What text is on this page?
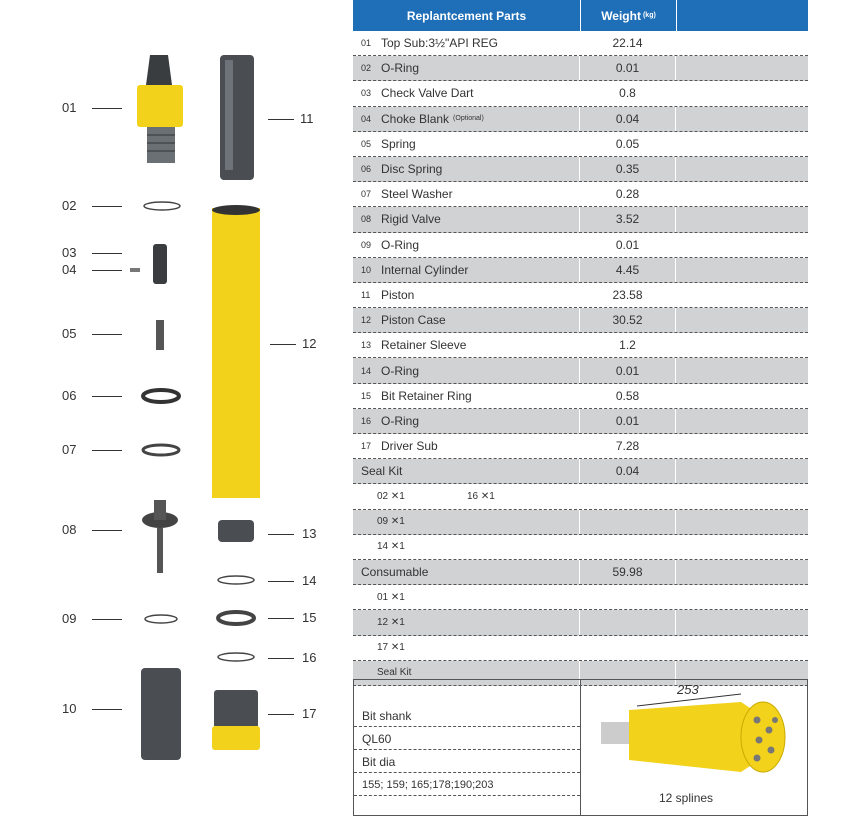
01
02
03
04
05
06
07
08
09
10
11
12
13
14
15
16
17
Replantcement Parts	Weight (kg)
01 Top Sub:3½"API REG	22.14
02 O-Ring	0.01
03 Check Valve Dart	0.8
04 Choke Blank (Optional)	0.04
05 Spring	0.05
06 Disc Spring	0.35
07 Steel Washer	0.28
08 Rigid Valve	3.52
09 O-Ring	0.01
10 Internal Cylinder	4.45
11 Piston	23.58
12 Piston Case	30.52
13 Retainer Sleeve	1.2
14 O-Ring	0.01
15 Bit Retainer Ring	0.58
16 O-Ring	0.01
17 Driver Sub	7.28
Seal Kit	0.04
02 ✕1	16 ✕1
09 ✕1
14 ✕1
Consumable	59.98
01 ✕1
12 ✕1
17 ✕1
Seal Kit
Bit shank
QL60
Bit dia
155; 159; 165;178;190;203
253
12 splines
